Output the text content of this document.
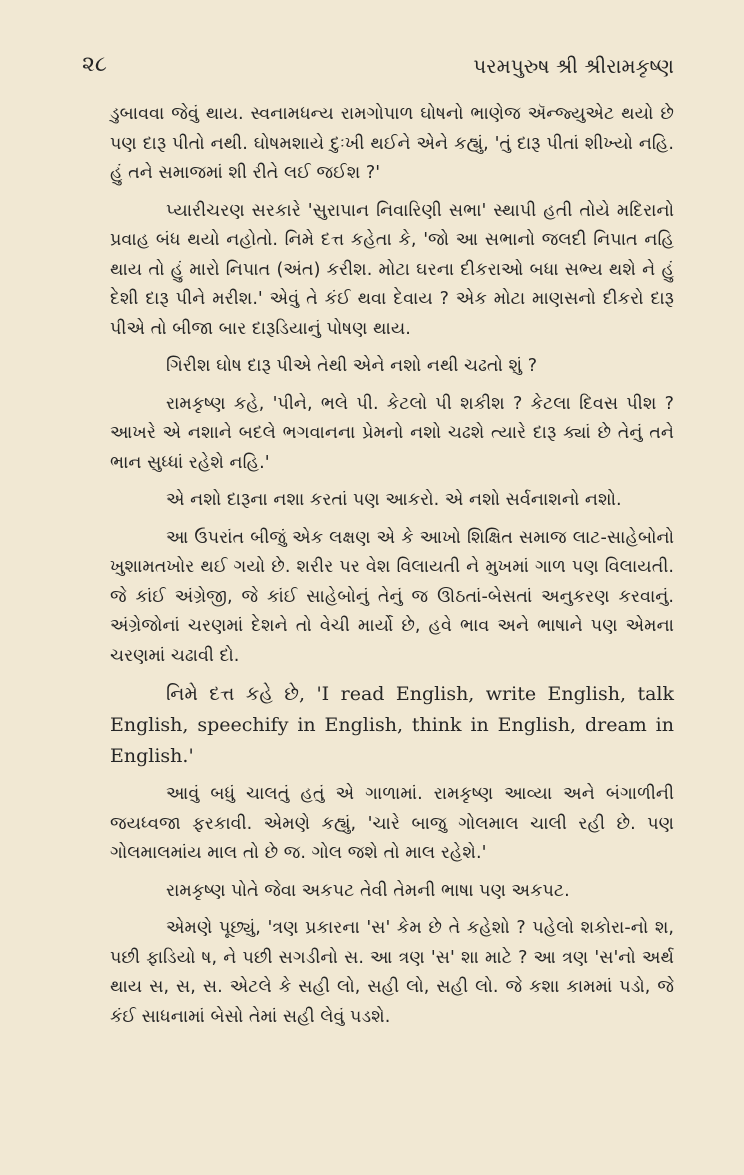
૨૮	પરમપુરુષ શ્રી શ્રીરામકૃષ્ણ

ડુબાવવા જેવું થાય. સ્વનામધન્ય રામગોપાળ ઘોષનો ભાણેજ ઍન્જ્યુએટ થયો છે પણ દારૂ પીતો નથી. ઘોષમશાયે દુઃખી થઈને એને કહ્યું, 'તું દારૂ પીતાં શીખ્યો નહિ. હું તને સમાજમાં શી રીતે લઈ જઈશ ?'

પ્યારીચરણ સરકારે 'સુરાપાન નિવારિણી સભા' સ્થાપી હતી તોયે મદિરાનો પ્રવાહ બંધ થયો નહોતો. નિમે દત્ત કહેતા કે, 'જો આ સભાનો જલદી નિપાત નહિ થાય તો હું મારો નિપાત (અંત) કરીશ. મોટા ઘરના દીકરાઓ બધા સભ્ય થશે ને હું દેશી દારૂ પીને મરીશ.' એવું તે કંઈ થવા દેવાય ? એક મોટા માણસનો દીકરો દારૂ પીએ તો બીજા બાર દારૂડિયાનું પોષણ થાય.

ગિરીશ ઘોષ દારૂ પીએ તેથી એને નશો નથી ચઢતો શું ?

રામકૃષ્ણ કહે, 'પીને, ભલે પી. કેટલો પી શકીશ ? કેટલા દિવસ પીશ ? આખરે એ નશાને બદલે ભગવાનના પ્રેમનો નશો ચઢશે ત્યારે દારૂ ક્યાં છે તેનું તને ભાન સુધ્ધાં રહેશે નહિ.'

એ નશો દારૂના નશા કરતાં પણ આકરો. એ નશો સર્વનાશનો નશો.

આ ઉપરાંત બીજું એક લક્ષણ એ કે આખો શિક્ષિત સમાજ લાટ-સાહેબોનો ખુશામતખોર થઈ ગયો છે. શરીર પર વેશ વિલાયતી ને મુખમાં ગાળ પણ વિલાયતી. જે કાંઈ અંગ્રેજી, જે કાંઈ સાહેબોનું તેનું જ ઊઠતાં-બેસતાં અનુકરણ કરવાનું. અંગ્રેજોનાં ચરણમાં દેશને તો વેચી માર્યો છે, હવે ભાવ અને ભાષાને પણ એમના ચરણમાં ચઢાવી દો.

નિમે દત્ત કહે છે, 'I read English, write English, talk English, speechify in English, think in English, dream in English.'

આવું બધું ચાલતું હતું એ ગાળામાં. રામકૃષ્ણ આવ્યા અને બંગાળીની જયધ્વજા ફરકાવી. એમણે કહ્યું, 'ચારે બાજુ ગોલમાલ ચાલી રહી છે. પણ ગોલમાલમાંય માલ તો છે જ. ગોલ જશે તો માલ રહેશે.'

રામકૃષ્ણ પોતે જેવા અકપટ તેવી તેમની ભાષા પણ અકપટ.

એમણે પૂછ્યું, 'ત્રણ પ્રકારના 'સ' કેમ છે તે કહેશો ? પહેલો શકોરા-નો શ, પછી ફાડિયો ષ, ને પછી સગડીનો સ. આ ત્રણ 'સ' શા માટે ? આ ત્રણ 'સ'નો અર્થ થાય સ, સ, સ. એટલે કે સહી લો, સહી લો, સહી લો. જે કશા કામમાં પડો, જે કંઈ સાધનામાં બેસો તેમાં સહી લેવું પડશે.
